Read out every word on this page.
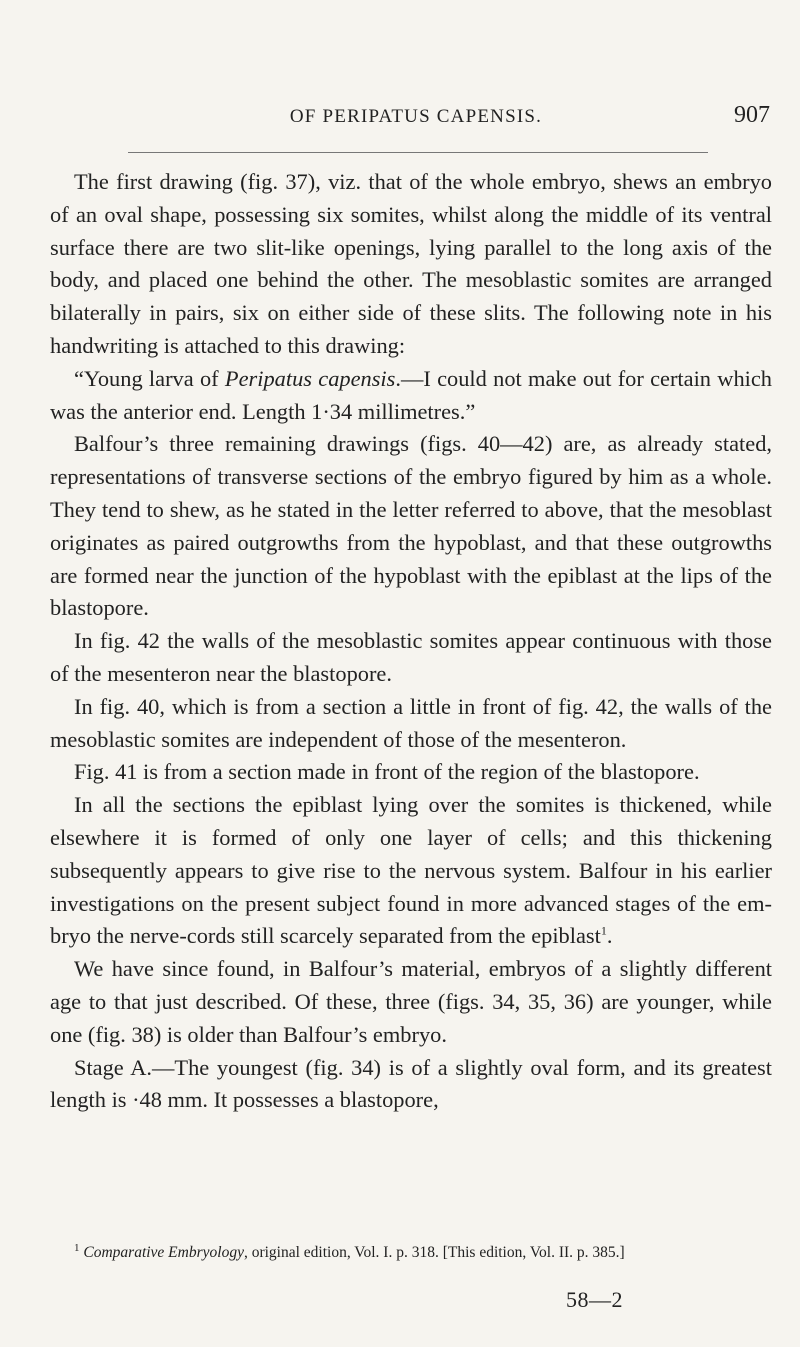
OF PERIPATUS CAPENSIS.	907

The first drawing (fig. 37), viz. that of the whole embryo, shews an embryo of an oval shape, possessing six somites, whilst along the middle of its ventral surface there are two slit-like openings, lying parallel to the long axis of the body, and placed one behind the other. The mesoblastic somites are arranged bilaterally in pairs, six on either side of these slits. The following note in his handwriting is attached to this drawing:

“Young larva of Peripatus capensis.—I could not make out for certain which was the anterior end. Length 1·34 millimetres.”

Balfour’s three remaining drawings (figs. 40—42) are, as already stated, representations of transverse sections of the embryo figured by him as a whole. They tend to shew, as he stated in the letter referred to above, that the mesoblast originates as paired outgrowths from the hypoblast, and that these outgrowths are formed near the junction of the hypoblast with the epiblast at the lips of the blastopore.

In fig. 42 the walls of the mesoblastic somites appear continuous with those of the mesenteron near the blastopore.

In fig. 40, which is from a section a little in front of fig. 42, the walls of the mesoblastic somites are independent of those of the mesenteron.

Fig. 41 is from a section made in front of the region of the blastopore.

In all the sections the epiblast lying over the somites is thickened, while elsewhere it is formed of only one layer of cells; and this thickening subsequently appears to give rise to the nervous system. Balfour in his earlier investigations on the present subject found in more advanced stages of the embryo the nerve-cords still scarcely separated from the epiblast$^1$.

We have since found, in Balfour’s material, embryos of a slightly different age to that just described. Of these, three (figs. 34, 35, 36) are younger, while one (fig. 38) is older than Balfour’s embryo.

Stage A.—The youngest (fig. 34) is of a slightly oval form, and its greatest length is ·48 mm. It possesses a blastopore,

$^1$ Comparative Embryology, original edition, Vol. I. p. 318. [This edition, Vol. II. p. 385.]
58—2
